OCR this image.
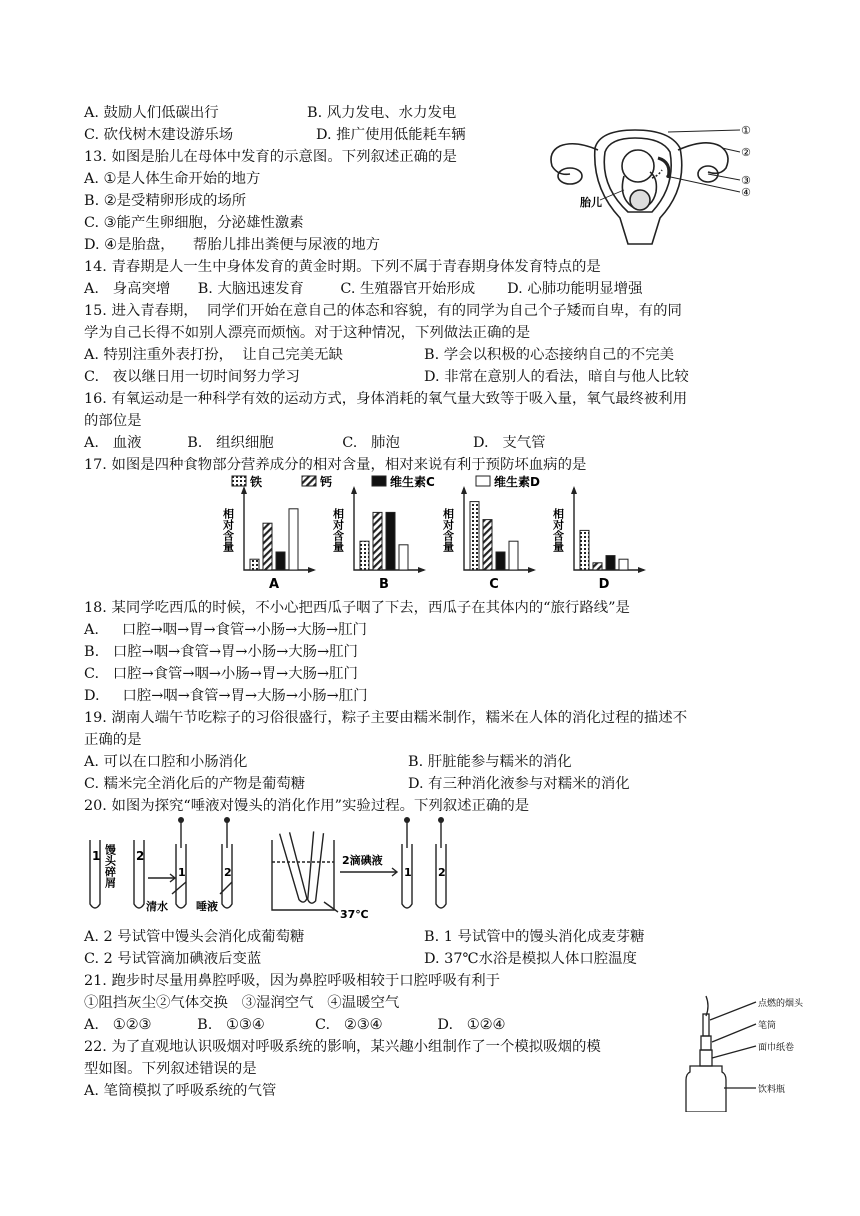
A. 鼓励人们低碳出行	B. 风力发电、水力发电
C. 砍伐树木建设游乐场	D. 推广使用低能耗车辆
13. 如图是胎儿在母体中发育的示意图。下列叙述正确的是
A. ①是人体生命开始的地方
B. ②是受精卵形成的场所
C. ③能产生卵细胞，分泌雄性激素
D. ④是胎盘，    帮胎儿排出粪便与尿液的地方
①
②
③
④
胎儿
14. 青春期是人一生中身体发育的黄金时期。下列不属于青春期身体发育特点的是
A.   身高突增      B. 大脑迅速发育        C. 生殖器官开始形成       D. 心肺功能明显增强
15. 进入青春期，  同学们开始在意自己的体态和容貌，有的同学为自己个子矮而自卑，有的同
学为自己长得不如别人漂亮而烦恼。对于这种情况，下列做法正确的是
A. 特别注重外表打扮，  让自己完美无缺	B. 学会以积极的心态接纳自己的不完美
C.   夜以继日用一切时间努力学习	D. 非常在意别人的看法，暗自与他人比较
16. 有氧运动是一种科学有效的运动方式，身体消耗的氧气量大致等于吸入量，氧气最终被利用
的部位是
A.   血液          B.   组织细胞               C.   肺泡                D.   支气管
17. 如图是四种食物部分营养成分的相对含量，相对来说有利于预防坏血病的是
铁	钙	维生素C	维生素D
相对含量
A
相对含量
B
相对含量
C
相对含量
D
18. 某同学吃西瓜的时候，不小心把西瓜子咽了下去，西瓜子在其体内的“旅行路线”是
A.     口腔→咽→胃→食管→小肠→大肠→肛门
B.   口腔→咽→食管→胃→小肠→大肠→肛门
C.   口腔→食管→咽→小肠→胃→大肠→肛门
D.     口腔→咽→食管→胃→大肠→小肠→肛门
19. 湖南人端午节吃粽子的习俗很盛行，粽子主要由糯米制作，糯米在人体的消化过程的描述不
正确的是
A. 可以在口腔和小肠消化	B. 肝脏能参与糯米的消化
C. 糯米完全消化后的产物是葡萄糖	D. 有三种消化液参与对糯米的消化
20. 如图为探究“唾液对馒头的消化作用”实验过程。下列叙述正确的是
1	2
1	2	1 2
馒头碎屑
清水	唾液
2滴碘液
37℃
A. 2 号试管中馒头会消化成葡萄糖	B. 1 号试管中的馒头消化成麦芽糖
C. 2 号试管滴加碘液后变蓝	D. 37℃水浴是模拟人体口腔温度
21. 跑步时尽量用鼻腔呼吸，因为鼻腔呼吸相较于口腔呼吸有利于
①阻挡灰尘②气体交换   ③湿润空气   ④温暖空气
A.   ①②③          B.   ①③④           C.   ②③④            D.   ①②④
22. 为了直观地认识吸烟对呼吸系统的影响，某兴趣小组制作了一个模拟吸烟的模
型如图。下列叙述错误的是
A. 笔筒模拟了呼吸系统的气管
点燃的烟头
笔筒
面巾纸卷
饮料瓶
